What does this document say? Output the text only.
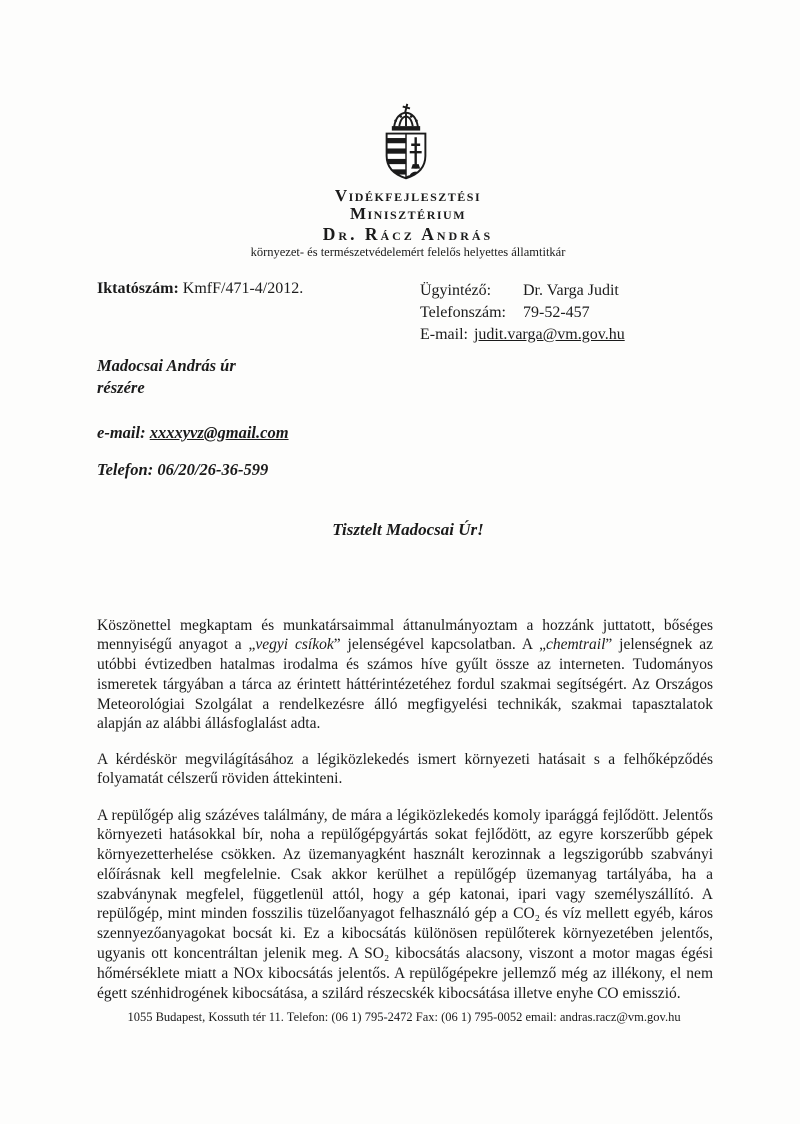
Vidékfejlesztési
Minisztérium
Dr. Rácz András
környezet- és természetvédelemért felelős helyettes államtitkár
Iktatószám: KmfF/471-4/2012.	Ügyintéző:	Dr. Varga Judit
Telefonszám:	79-52-457
E-mail: judit.varga@vm.gov.hu
Madocsai András úr
részére
e-mail: xxxxyvz@gmail.com
Telefon: 06/20/26-36-599
Tisztelt Madocsai Úr!

Köszönettel megkaptam és munkatársaimmal áttanulmányoztam a hozzánk juttatott, bőséges mennyiségű anyagot a „vegyi csíkok” jelenségével kapcsolatban. A „chemtrail” jelenségnek az utóbbi évtizedben hatalmas irodalma és számos híve gyűlt össze az interneten. Tudományos ismeretek tárgyában a tárca az érintett háttérintézetéhez fordul szakmai segítségért. Az Országos Meteorológiai Szolgálat a rendelkezésre álló megfigyelési technikák, szakmai tapasztalatok alapján az alábbi állásfoglalást adta.

A kérdéskör megvilágításához a légiközlekedés ismert környezeti hatásait s a felhőképződés folyamatát célszerű röviden áttekinteni.

A repülőgép alig százéves találmány, de mára a légiközlekedés komoly iparággá fejlődött. Jelentős környezeti hatásokkal bír, noha a repülőgépgyártás sokat fejlődött, az egyre korszerűbb gépek környezetterhelése csökken. Az üzemanyagként használt kerozinnak a legszigorúbb szabványi előírásnak kell megfelelnie. Csak akkor kerülhet a repülőgép üzemanyag tartályába, ha a szabványnak megfelel, függetlenül attól, hogy a gép katonai, ipari vagy személyszállító. A repülőgép, mint minden fosszilis tüzelőanyagot felhasználó gép a CO₂ és víz mellett egyéb, káros szennyezőanyagokat bocsát ki. Ez a kibocsátás különösen repülőterek környezetében jelentős, ugyanis ott koncentráltan jelenik meg. A SO₂ kibocsátás alacsony, viszont a motor magas égési hőmérséklete miatt a NOx kibocsátás jelentős. A repülőgépekre jellemző még az illékony, el nem égett szénhidrogének kibocsátása, a szilárd részecskék kibocsátása illetve enyhe CO emisszió.

1055 Budapest, Kossuth tér 11. Telefon: (06 1) 795-2472 Fax: (06 1) 795-0052 email: andras.racz@vm.gov.hu
